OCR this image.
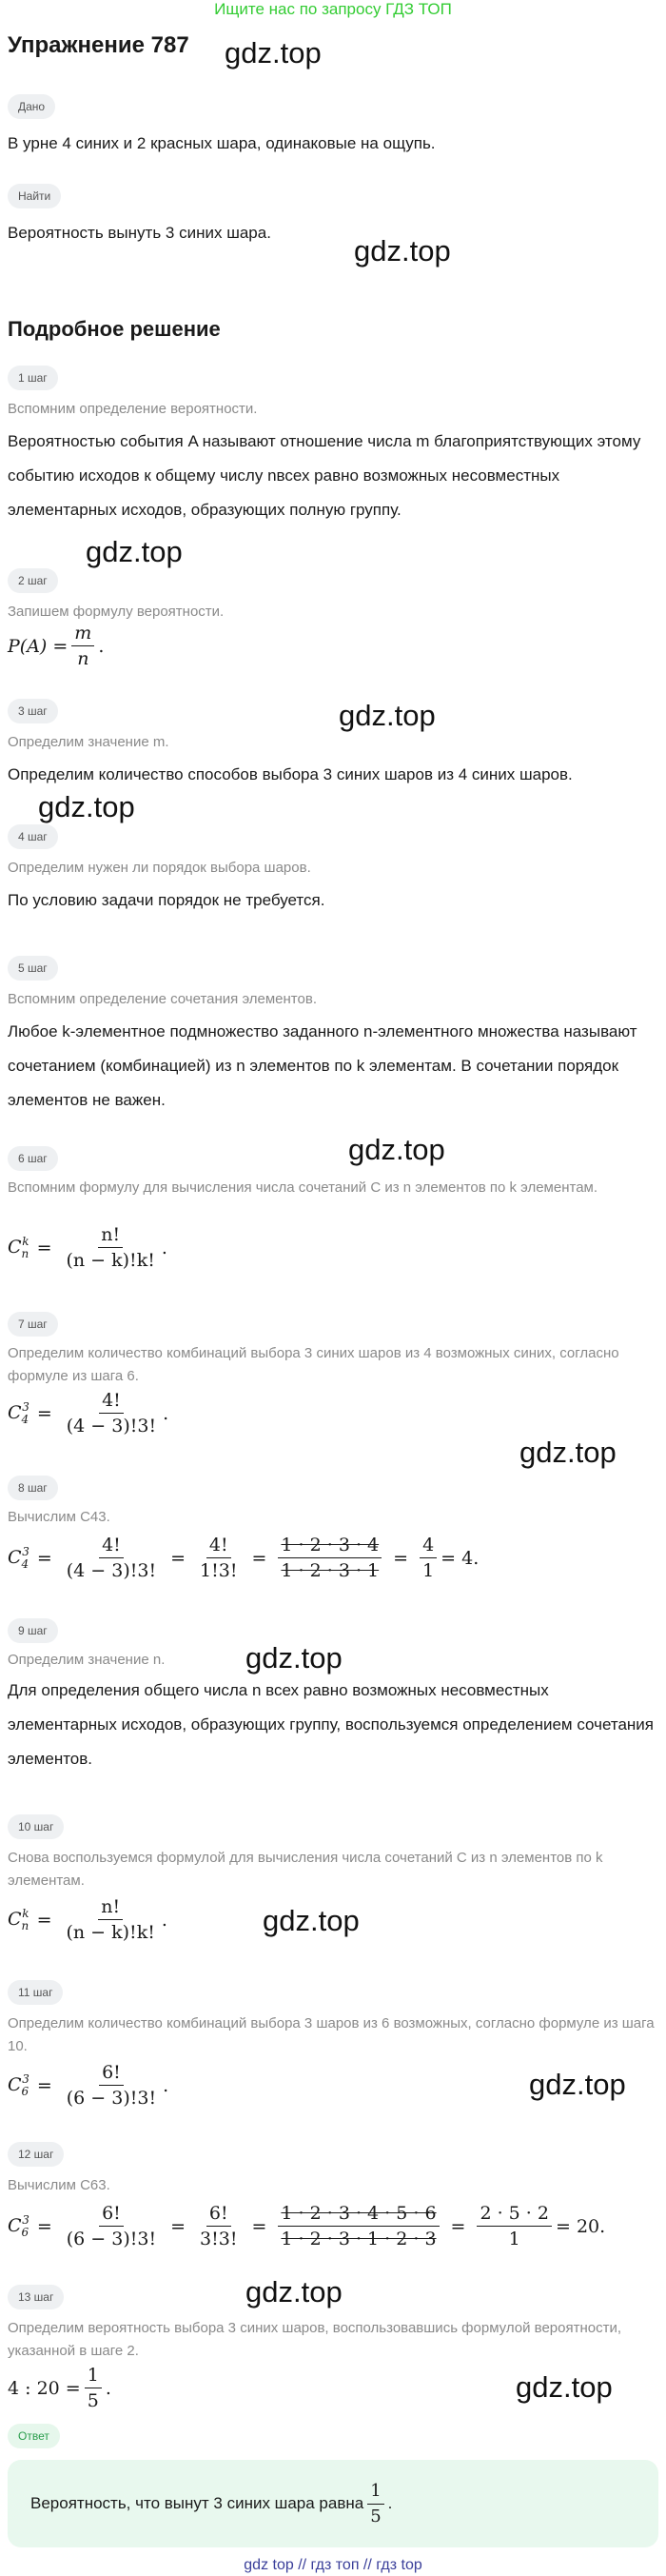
Ищите нас по запросу ГДЗ ТОП
gdz.top
gdz.top
gdz.top
gdz.top
gdz.top
gdz.top
gdz.top
gdz.top
gdz.top
gdz.top
gdz.top
gdz.top
Упражнение 787
Дано
В урне 4 синих и 2 красных шара, одинаковые на ощупь.
Найти
Вероятность вынуть 3 синих шара.
Подробное решение
1 шаг
Вспомним определение вероятности.
Вероятностью события A называют отношение числа m благоприятствующих этому событию исходов к общему числу nвсех равно возможных несовместных элементарных исходов, образующих полную группу.
2 шаг
Запишем формулу вероятности.
$P(A) = \frac{m}{n}$ .
3 шаг
Определим значение m.
Определим количество способов выбора 3 синих шаров из 4 синих шаров.
4 шаг
Определим нужен ли порядок выбора шаров.
По условию задачи порядок не требуется.
5 шаг
Вспомним определение сочетания элементов.
Любое k-элементное подмножество заданного n-элементного множества называют сочетанием (комбинацией) из n элементов по k элементам. В сочетании порядок элементов не важен.
6 шаг
Вспомним формулу для вычисления числа сочетаний C из n элементов по k элементам.
$C_n^k = \frac{n!}{(n - k)!k!}$ .
7 шаг
Определим количество комбинаций выбора 3 синих шаров из 4 возможных синих, согласно формуле из шага 6.
$C_4^3 = \frac{4!}{(4 - 3)!3!}$ .
8 шаг
Вычислим C43.
$C_4^3 = \frac{4!}{(4 - 3)!3!} = \frac{4!}{1!3!} = \frac{1 \cdot 2 \cdot 3 \cdot 4}{1 \cdot 2 \cdot 3 \cdot 1} = \frac{4}{1} = 4$.
9 шаг
Определим значение n.
Для определения общего числа n всех равно возможных несовместных элементарных исходов, образующих группу, воспользуемся определением сочетания элементов.
10 шаг
Снова воспользуемся формулой для вычисления числа сочетаний C из n элементов по k элементам.
$C_n^k = \frac{n!}{(n - k)!k!}$ .
11 шаг
Определим количество комбинаций выбора 3 шаров из 6 возможных, согласно формуле из шага 10.
$C_6^3 = \frac{6!}{(6 - 3)!3!}$ .
12 шаг
Вычислим C63.
$C_6^3 = \frac{6!}{(6 - 3)!3!} = \frac{6!}{3!3!} = \frac{1 \cdot 2 \cdot 3 \cdot 4 \cdot 5 \cdot 6}{1 \cdot 2 \cdot 3 \cdot 1 \cdot 2 \cdot 3} = \frac{2 \cdot 5 \cdot 2}{1} = 20$.
13 шаг
Определим вероятность выбора 3 синих шаров, воспользовавшись формулой вероятности, указанной в шаге 2.
4 : $20 = \frac{1}{5}$ .
Ответ
Вероятность, что вынут 3 синих шара равна $\frac{1}{5}$ .
gdz top // гдз топ // гдз top
